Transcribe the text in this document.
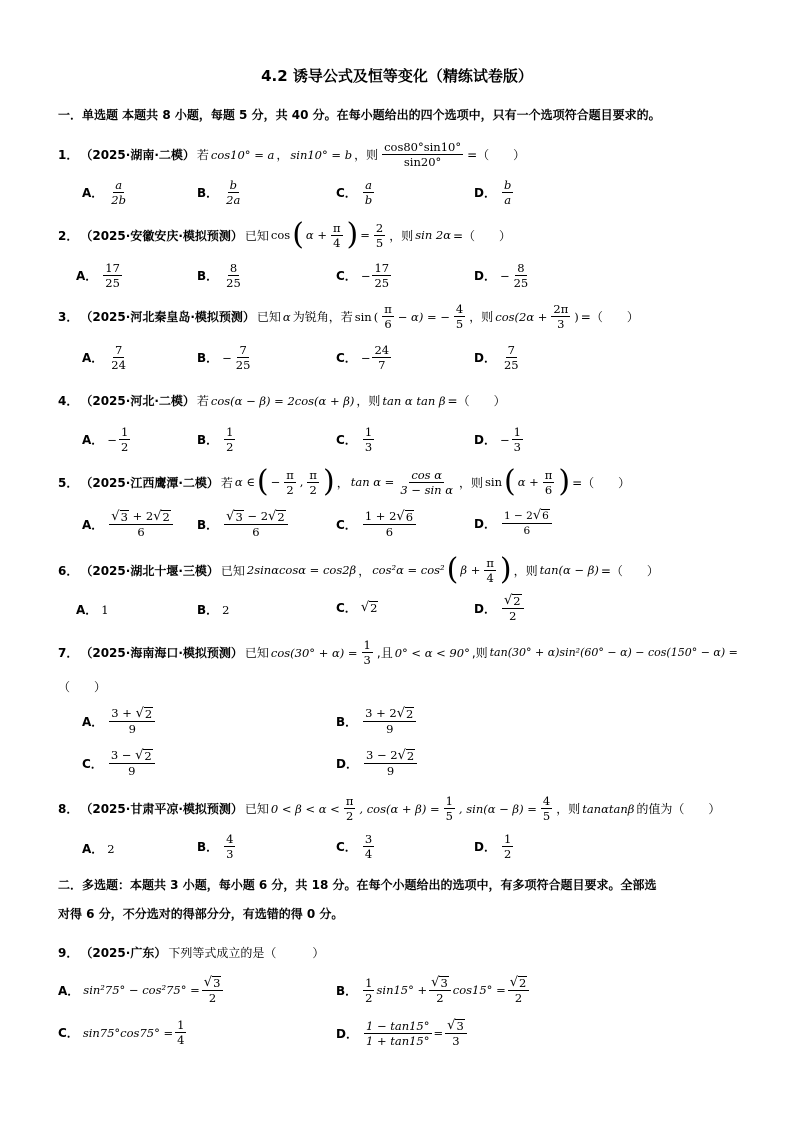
4.2 诱导公式及恒等变化（精练试卷版）
一．单选题 本题共 8 小题，每题 5 分，共 40 分。在每小题给出的四个选项中，只有一个选项符合题目要求的。
1． （2025·湖南·二模） 若 cos10° = a ， sin10° = b ，则 $\frac{\cos 80^\circ\sin 10^\circ}{\sin 20^\circ}$ =（　　）
A． $\frac{a}{2b}$	B． $\frac{b}{2a}$	C． $\frac{a}{b}$	D． $\frac{b}{a}$
2． （2025·安徽安庆·模拟预测） 已知 cos ( $\alpha + \frac{\pi}{4}$ ) = $\frac{2}{5}$ ，则 sin 2α =（　　）
A． $\frac{17}{25}$	B． $\frac{8}{25}$	C． − $\frac{17}{25}$	D． − $\frac{8}{25}$
3． （2025·河北秦皇岛·模拟预测） 已知 α 为锐角，若 sin ( $\frac{\pi}{6} - \alpha$) = − $\frac{4}{5}$ ，则 $\cos(2\alpha + \frac{2\pi}{3}$ ) =（　　）
A． $\frac{7}{24}$	B． − $\frac{7}{25}$	C． − $\frac{24}{7}$	D． $\frac{7}{25}$
4． （2025·河北·二模） 若 cos(α − β) = 2cos(α + β) ，则 tan α tan β =（　　）
A． − $\frac{1}{2}$	B． $\frac{1}{2}$	C． $\frac{1}{3}$	D． − $\frac{1}{3}$
5． （2025·江西鹰潭·二模） 若 α ∈ ( − $\frac{\pi}{2}$ , $\frac{\pi}{2}$ ) ， $\tan \alpha = \frac{\text{cos α}}{\text{3 − sin α}}$ ，则 sin ( $\alpha + \frac{\pi}{6}$ ) =（　　）
A． $\frac{√ 3 + 2 √ 2}{6}$ B． $\frac{√ 3 - 2 √ 2}{6}$	C． $\frac{1 + 2 √ 6}{6}$	D． $\frac{1 - 2 √ 6}{6}$
6． （2025·湖北十堰·三模） 已知 2sinαcosα = cos2β ， cos²α = cos² ( $\beta + \frac{\pi}{4}$ ) ，则 tan(α − β) =（　　）
A． 1	B． 2	C． √ 2	D． $\frac{√ 2}{2}$
7． （2025·海南海口·模拟预测） 已知 $\cos(30^\circ + \alpha) = \frac{1}{3}$ ,且 0° < α < 90° ,则 tan(30° + α)sin²(60° − α) − cos(150° − α) =
（　　）
A． $\frac{3 + √ 2}{9}$	B． $\frac{3 + 2 √ 2}{9}$
C． $\frac{3 - √ 2}{9}$	D． $\frac{3 - 2 √ 2}{9}$
8． （2025·甘肃平凉·模拟预测） 已知 $0 < \beta < \alpha < \frac{\pi}{2}$ , $\cos(\alpha + \beta) = \frac{1}{5}$ , $\sin(\alpha - \beta) = \frac{4}{5}$ ，则 tanαtanβ 的值为（　　）
A． 2	B． $\frac{4}{3}$	C． $\frac{3}{4}$	D． $\frac{1}{2}$
二．多选题：本题共 3 小题，每小题 6 分，共 18 分。在每个小题给出的选项中，有多项符合题目要求。全部选
对得 6 分，不分选对的得部分分，有选错的得 0 分。
9． （2025·广东） 下列等式成立的是（　　　）
A． $\sin^275^\circ - \cos^275^\circ = \frac{√ 3}{2}$	B． $\frac{1}{2} \sin 15^\circ + \frac{√ 3}{2} \cos 15^\circ = \frac{√ 2}{2}$
C． $\sin 75^\circ\cos 75^\circ = \frac{1}{4}$	D． $\frac{1 - \tan 15^\circ}{1 + \tan 15^\circ} = \frac{√ 3}{3}$
